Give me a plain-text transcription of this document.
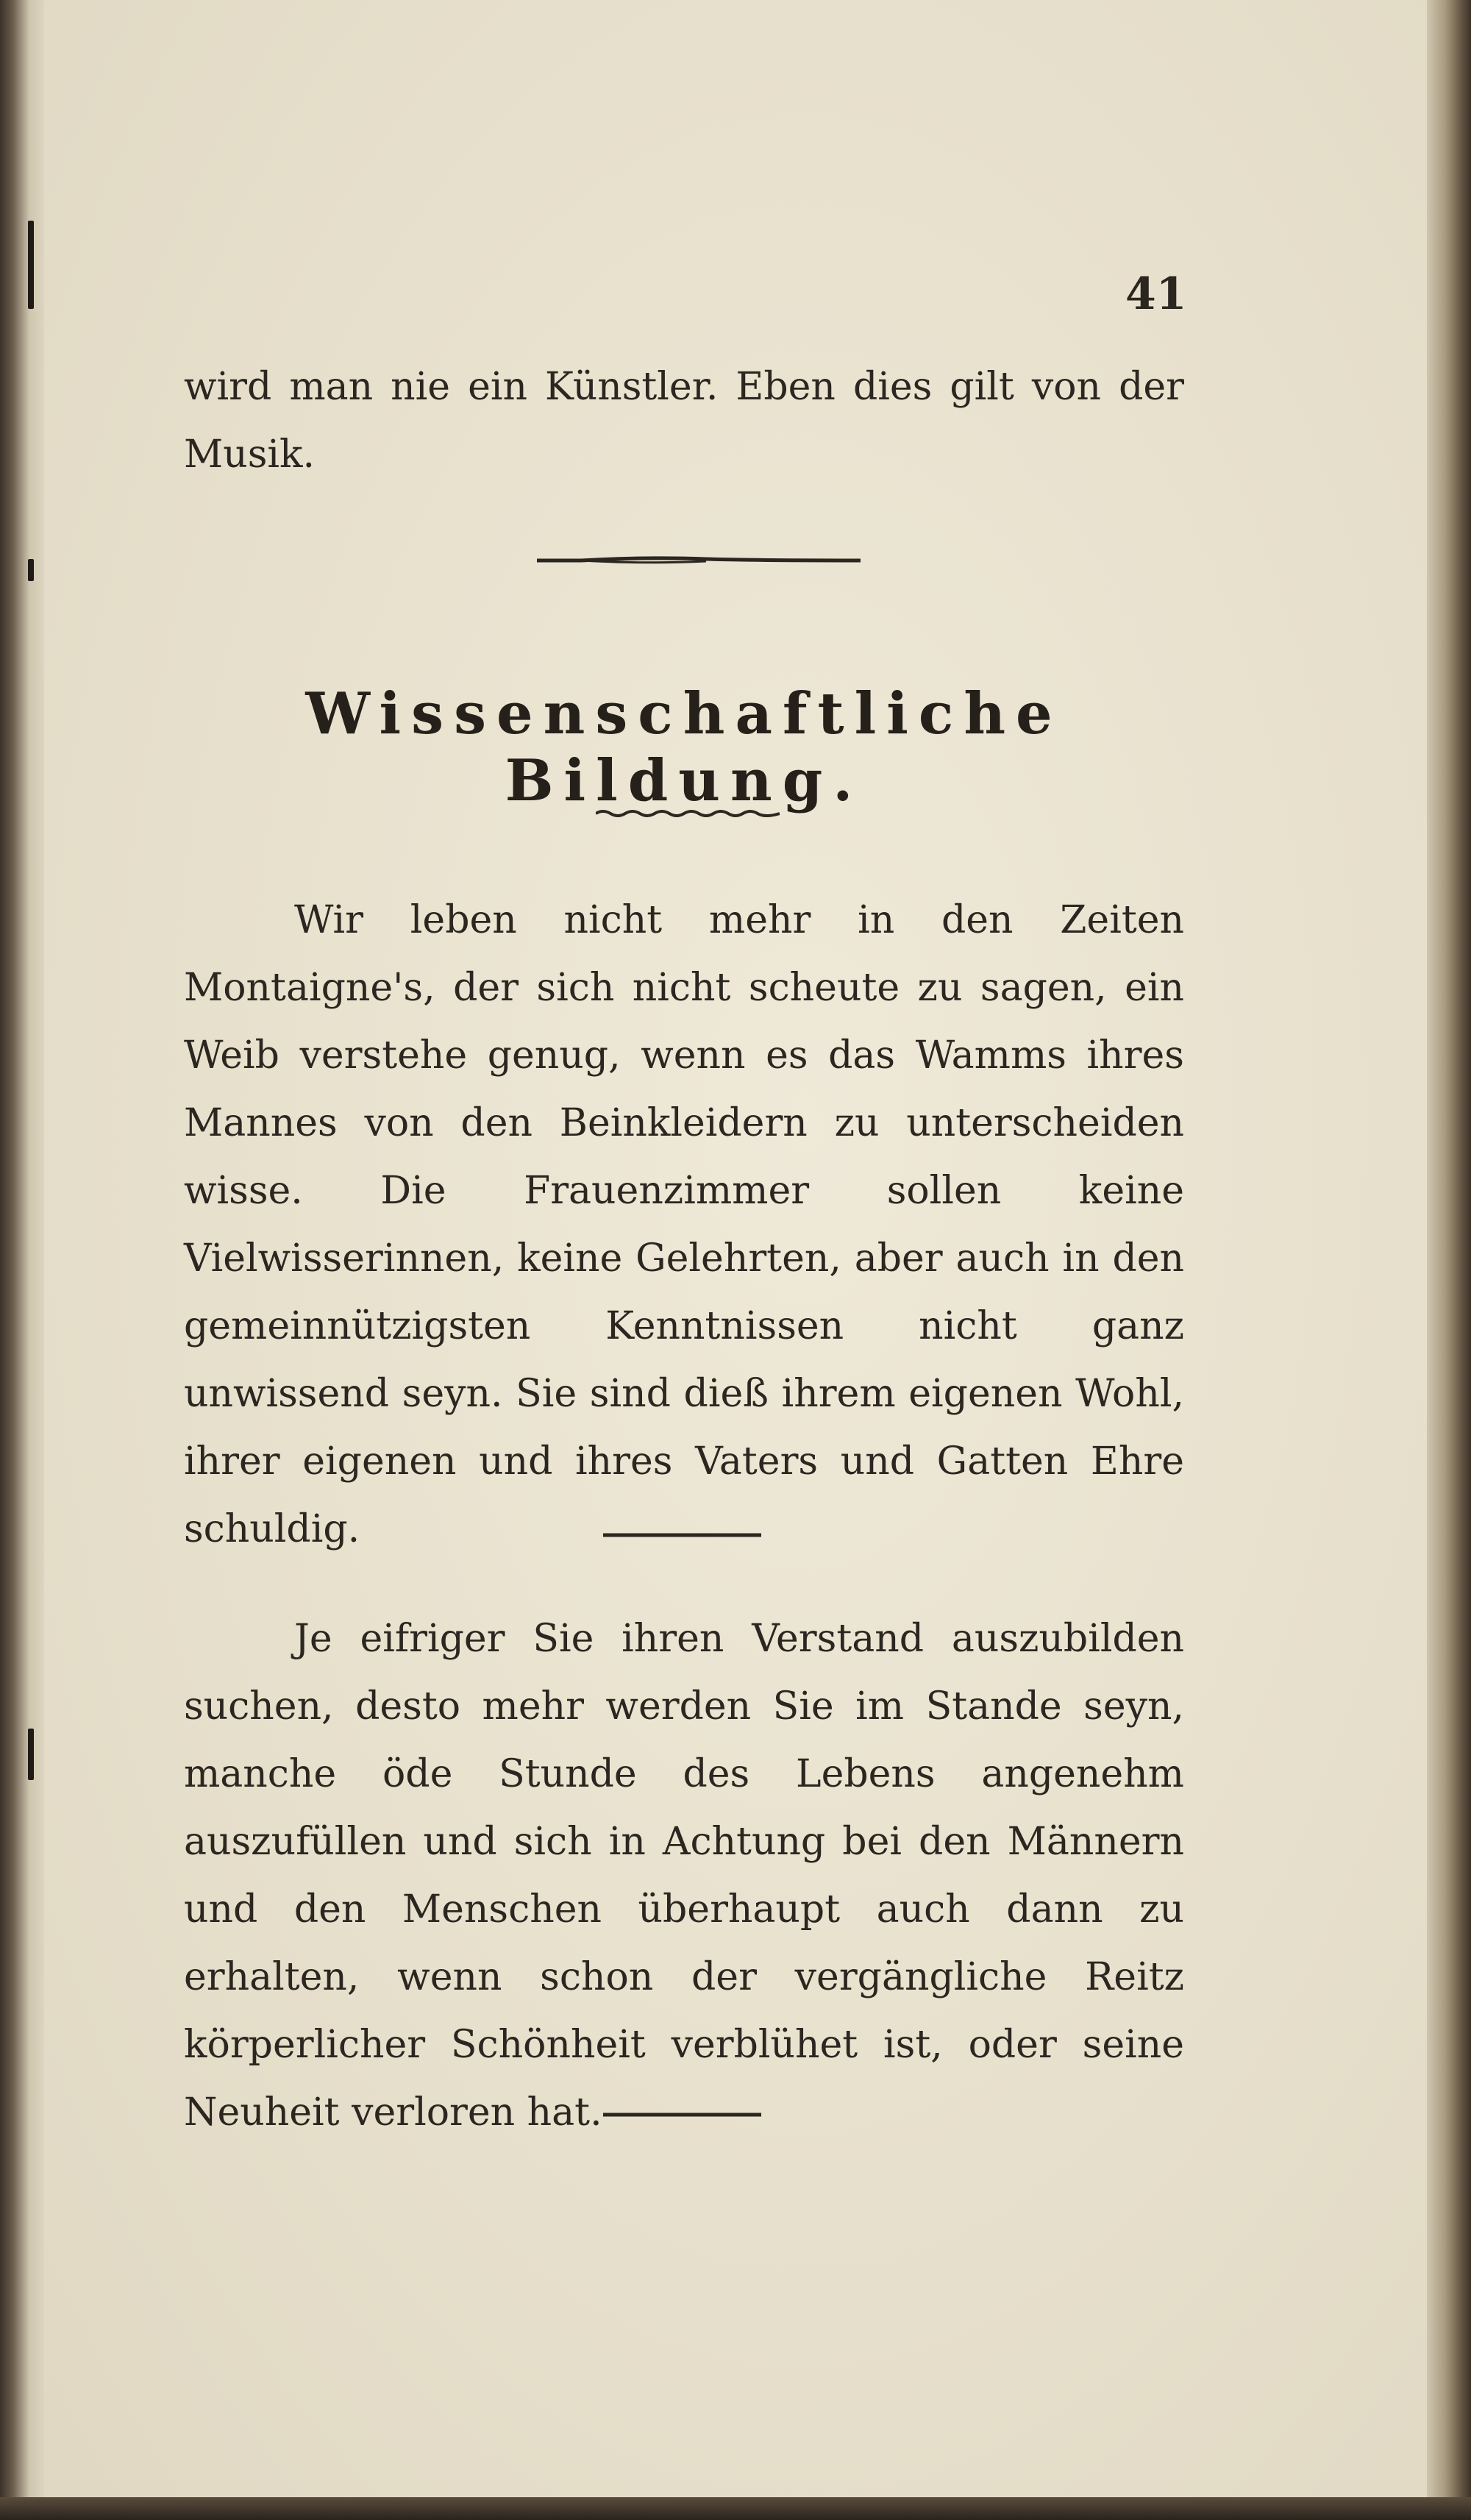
41

wird man nie ein Künstler. Eben dies gilt von der Musik.

Wissenschaftliche Bildung.

Wir leben nicht mehr in den Zeiten Montaigne's, der sich nicht scheute zu sagen, ein Weib verstehe genug, wenn es das Wamms ihres Mannes von den Beinkleidern zu unterscheiden wisse. Die Frauenzimmer sollen keine Vielwisserinnen, keine Gelehrten, aber auch in den gemeinnützigsten Kenntnissen nicht ganz unwissend seyn. Sie sind dieß ihrem eigenen Wohl, ihrer eigenen und ihres Vaters und Gatten Ehre schuldig.

Je eifriger Sie ihren Verstand auszubilden suchen, desto mehr werden Sie im Stande seyn, manche öde Stunde des Lebens angenehm auszufüllen und sich in Achtung bei den Männern und den Menschen überhaupt auch dann zu erhalten, wenn schon der vergängliche Reitz körperlicher Schönheit verblühet ist, oder seine Neuheit verloren hat.
